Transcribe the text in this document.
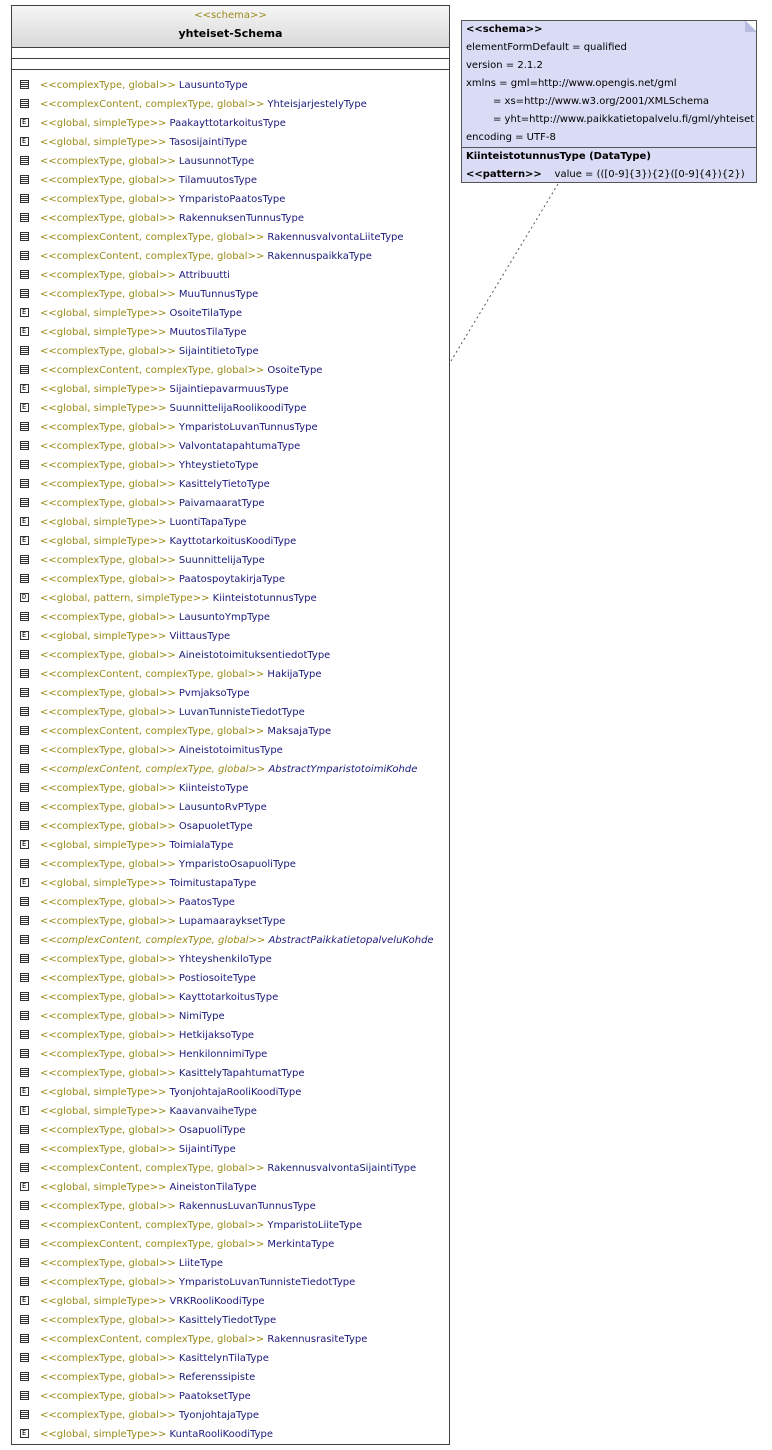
<<schema>>
yhteiset-Schema
<<complexType, global>> LausuntoType
<<complexContent, complexType, global>> YhteisjarjestelyType
E<<global, simpleType>> PaakayttotarkoitusType
E<<global, simpleType>> TasosijaintiType
<<complexType, global>> LausunnotType
<<complexType, global>> TilamuutosType
<<complexType, global>> YmparistoPaatosType
<<complexType, global>> RakennuksenTunnusType
<<complexContent, complexType, global>> RakennusvalvontaLiiteType
<<complexContent, complexType, global>> RakennuspaikkaType
<<complexType, global>> Attribuutti
<<complexType, global>> MuuTunnusType
E<<global, simpleType>> OsoiteTilaType
E<<global, simpleType>> MuutosTilaType
<<complexType, global>> SijaintitietoType
<<complexContent, complexType, global>> OsoiteType
E<<global, simpleType>> SijaintiepavarmuusType
E<<global, simpleType>> SuunnittelijaRoolikoodiType
<<complexType, global>> YmparistoLuvanTunnusType
<<complexType, global>> ValvontatapahtumaType
<<complexType, global>> YhteystietoType
<<complexType, global>> KasittelyTietoType
<<complexType, global>> PaivamaaratType
E<<global, simpleType>> LuontiTapaType
E<<global, simpleType>> KayttotarkoitusKoodiType
<<complexType, global>> SuunnittelijaType
<<complexType, global>> PaatospoytakirjaType
D<<global, pattern, simpleType>> KiinteistotunnusType
<<complexType, global>> LausuntoYmpType
E<<global, simpleType>> ViittausType
<<complexType, global>> AineistotoimituksentiedotType
<<complexContent, complexType, global>> HakijaType
<<complexType, global>> PvmjaksoType
<<complexType, global>> LuvanTunnisteTiedotType
<<complexContent, complexType, global>> MaksajaType
<<complexType, global>> AineistotoimitusType
<<complexContent, complexType, global>> AbstractYmparistotoimiKohde
<<complexType, global>> KiinteistoType
<<complexType, global>> LausuntoRvPType
<<complexType, global>> OsapuoletType
E<<global, simpleType>> ToimialaType
<<complexType, global>> YmparistoOsapuoliType
E<<global, simpleType>> ToimitustapaType
<<complexType, global>> PaatosType
<<complexType, global>> LupamaarayksetType
<<complexContent, complexType, global>> AbstractPaikkatietopalveluKohde
<<complexType, global>> YhteyshenkiloType
<<complexType, global>> PostiosoiteType
<<complexType, global>> KayttotarkoitusType
<<complexType, global>> NimiType
<<complexType, global>> HetkijaksoType
<<complexType, global>> HenkilonnimiType
<<complexType, global>> KasittelyTapahtumatType
E<<global, simpleType>> TyonjohtajaRooliKoodiType
E<<global, simpleType>> KaavanvaiheType
<<complexType, global>> OsapuoliType
<<complexType, global>> SijaintiType
<<complexContent, complexType, global>> RakennusvalvontaSijaintiType
E<<global, simpleType>> AineistonTilaType
<<complexType, global>> RakennusLuvanTunnusType
<<complexContent, complexType, global>> YmparistoLiiteType
<<complexContent, complexType, global>> MerkintaType
<<complexType, global>> LiiteType
<<complexType, global>> YmparistoLuvanTunnisteTiedotType
E<<global, simpleType>> VRKRooliKoodiType
<<complexType, global>> KasittelyTiedotType
<<complexContent, complexType, global>> RakennusrasiteType
<<complexType, global>> KasittelynTilaType
<<complexType, global>> Referenssipiste
<<complexType, global>> PaatoksetType
<<complexType, global>> TyonjohtajaType
E<<global, simpleType>> KuntaRooliKoodiType
<<schema>>
elementFormDefault = qualified
version = 2.1.2
xmlns = gml=http://www.opengis.net/gml
= xs=http://www.w3.org/2001/XMLSchema
= yht=http://www.paikkatietopalvelu.fi/gml/yhteiset
encoding = UTF-8
KiinteistotunnusType (DataType)
<<pattern>> value = (([0-9]{3}){2}([0-9]{4}){2})
